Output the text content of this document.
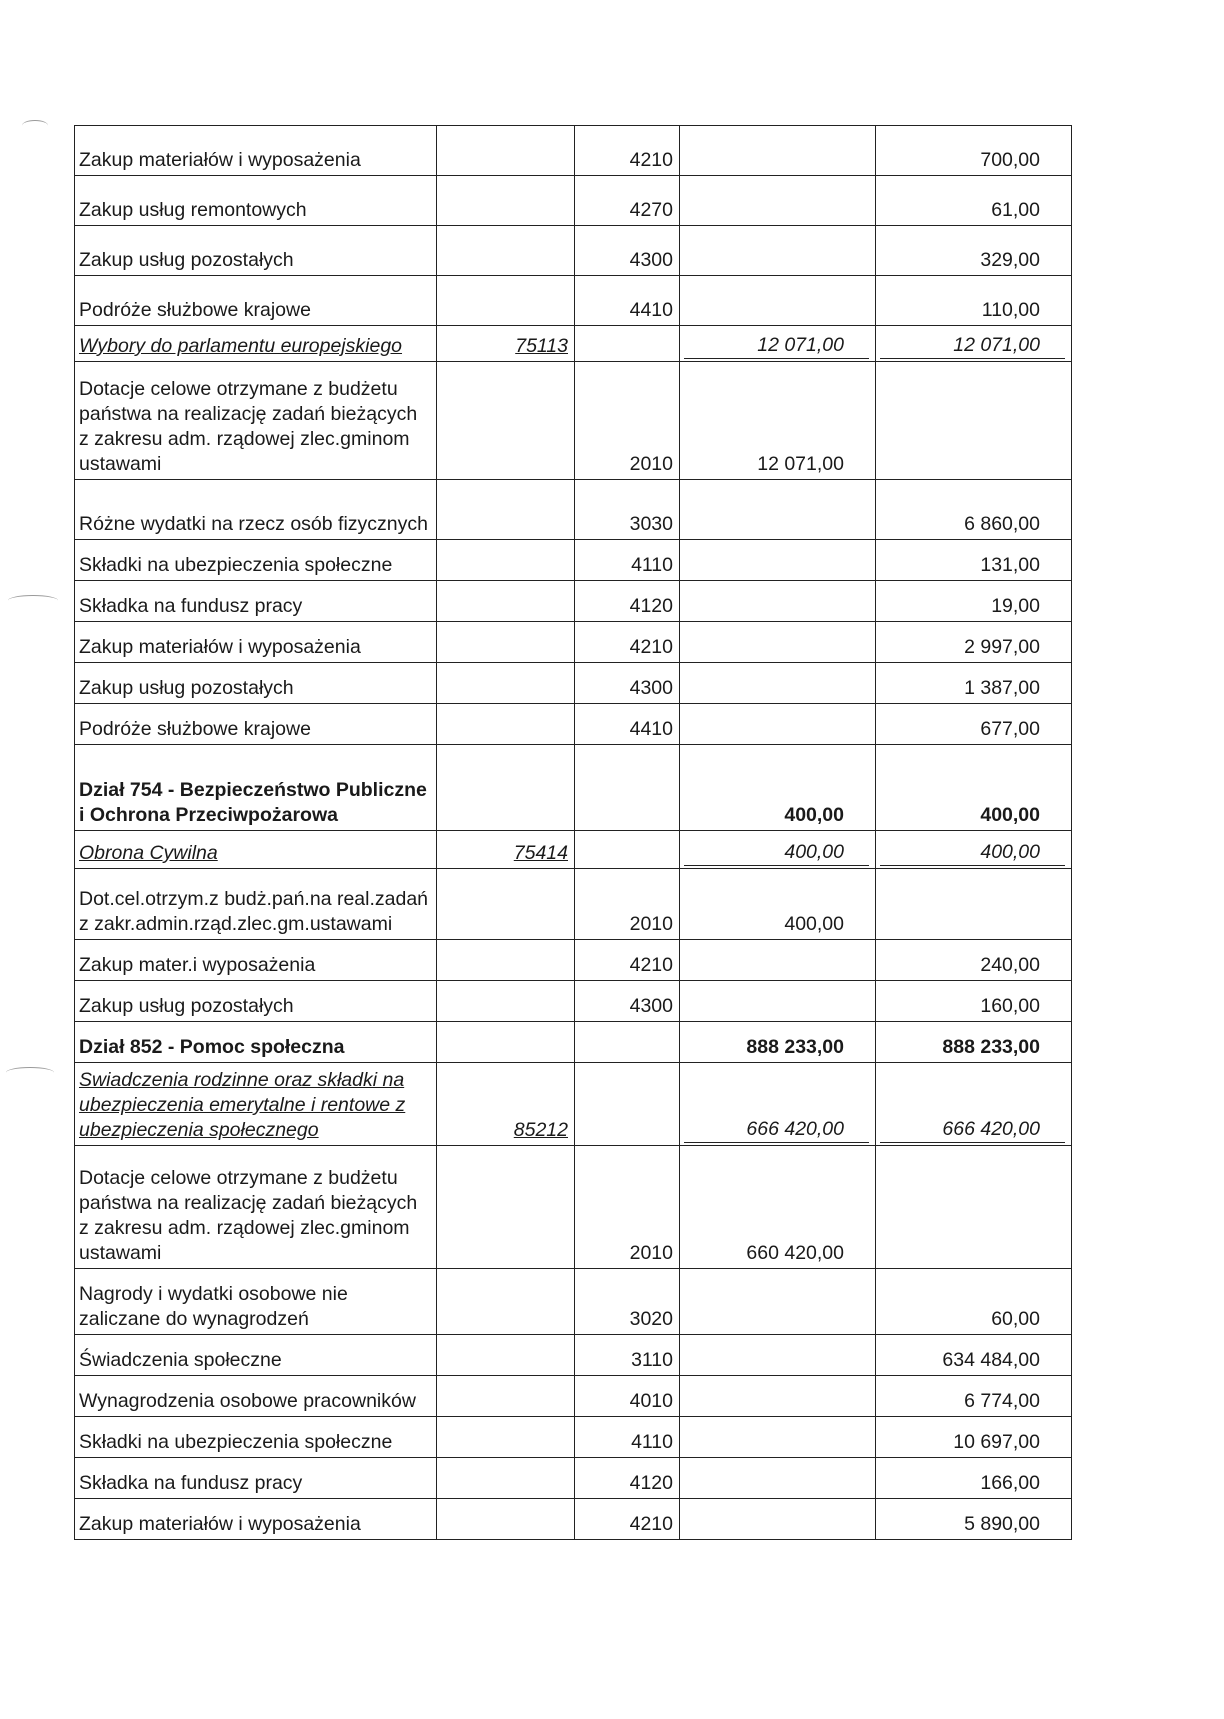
Zakup materiałów i wyposażenia		4210		700,00
Zakup usług remontowych		4270		61,00
Zakup usług pozostałych		4300		329,00
Podróże służbowe krajowe		4410		110,00
Wybory do parlamentu europejskiego	75113		12 071,00	12 071,00
Dotacje celowe otrzymane z budżetu państwa na realizację zadań bieżących z zakresu adm. rządowej zlec.gminom ustawami		2010	12 071,00	
Różne wydatki na rzecz osób fizycznych		3030		6 860,00
Składki na ubezpieczenia społeczne		4110		131,00
Składka na fundusz pracy		4120		19,00
Zakup materiałów i wyposażenia		4210		2 997,00
Zakup usług pozostałych		4300		1 387,00
Podróże służbowe krajowe		4410		677,00
Dział 754 - Bezpieczeństwo Publiczne i Ochrona Przeciwpożarowa			400,00	400,00
Obrona Cywilna	75414		400,00	400,00
Dot.cel.otrzym.z budż.pań.na real.zadań z zakr.admin.rząd.zlec.gm.ustawami		2010	400,00	
Zakup mater.i wyposażenia		4210		240,00
Zakup usług pozostałych		4300		160,00
Dział 852 - Pomoc społeczna			888 233,00	888 233,00
Swiadczenia rodzinne oraz składki na ubezpieczenia emerytalne i rentowe z ubezpieczenia społecznego	85212		666 420,00	666 420,00
Dotacje celowe otrzymane z budżetu państwa na realizację zadań bieżących z zakresu adm. rządowej zlec.gminom ustawami		2010	660 420,00	
Nagrody i wydatki osobowe nie zaliczane do wynagrodzeń		3020		60,00
Świadczenia społeczne		3110		634 484,00
Wynagrodzenia osobowe pracowników		4010		6 774,00
Składki na ubezpieczenia społeczne		4110		10 697,00
Składka na fundusz pracy		4120		166,00
Zakup materiałów i wyposażenia		4210		5 890,00
